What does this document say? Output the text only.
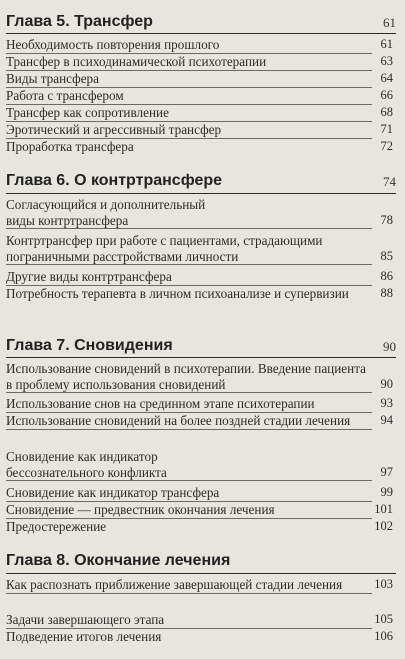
Глава 5. Трансфер	61
Необходимость повторения прошлого	61
Трансфер в психодинамической психотерапии	63
Виды трансфера	64
Работа с трансфером	66
Трансфер как сопротивление	68
Эротический и агрессивный трансфер	71
Проработка трансфера	72
Глава 6. О контртрансфере	74
Согласующийся и дополнительный виды контртрансфера	78
Контртрансфер при работе с пациентами, страдающими пограничными расстройствами личности	85
Другие виды контртрансфера	86
Потребность терапевта в личном психоанализе и супервизии	88
Глава 7. Сновидения	90
Использование сновидений в психотерапии. Введение пациента в проблему использования сновидений	90
Использование снов на срединном этапе психотерапии	93
Использование сновидений на более поздней стадии лечения	94
Сновидение как индикатор бессознательного конфликта	97
Сновидение как индикатор трансфера	99
Сновидение — предвестник окончания лечения	101
Предостережение	102
Глава 8. Окончание лечения
Как распознать приближение завершающей стадии лечения	103
Задачи завершающего этапа	105
Подведение итогов лечения	106
